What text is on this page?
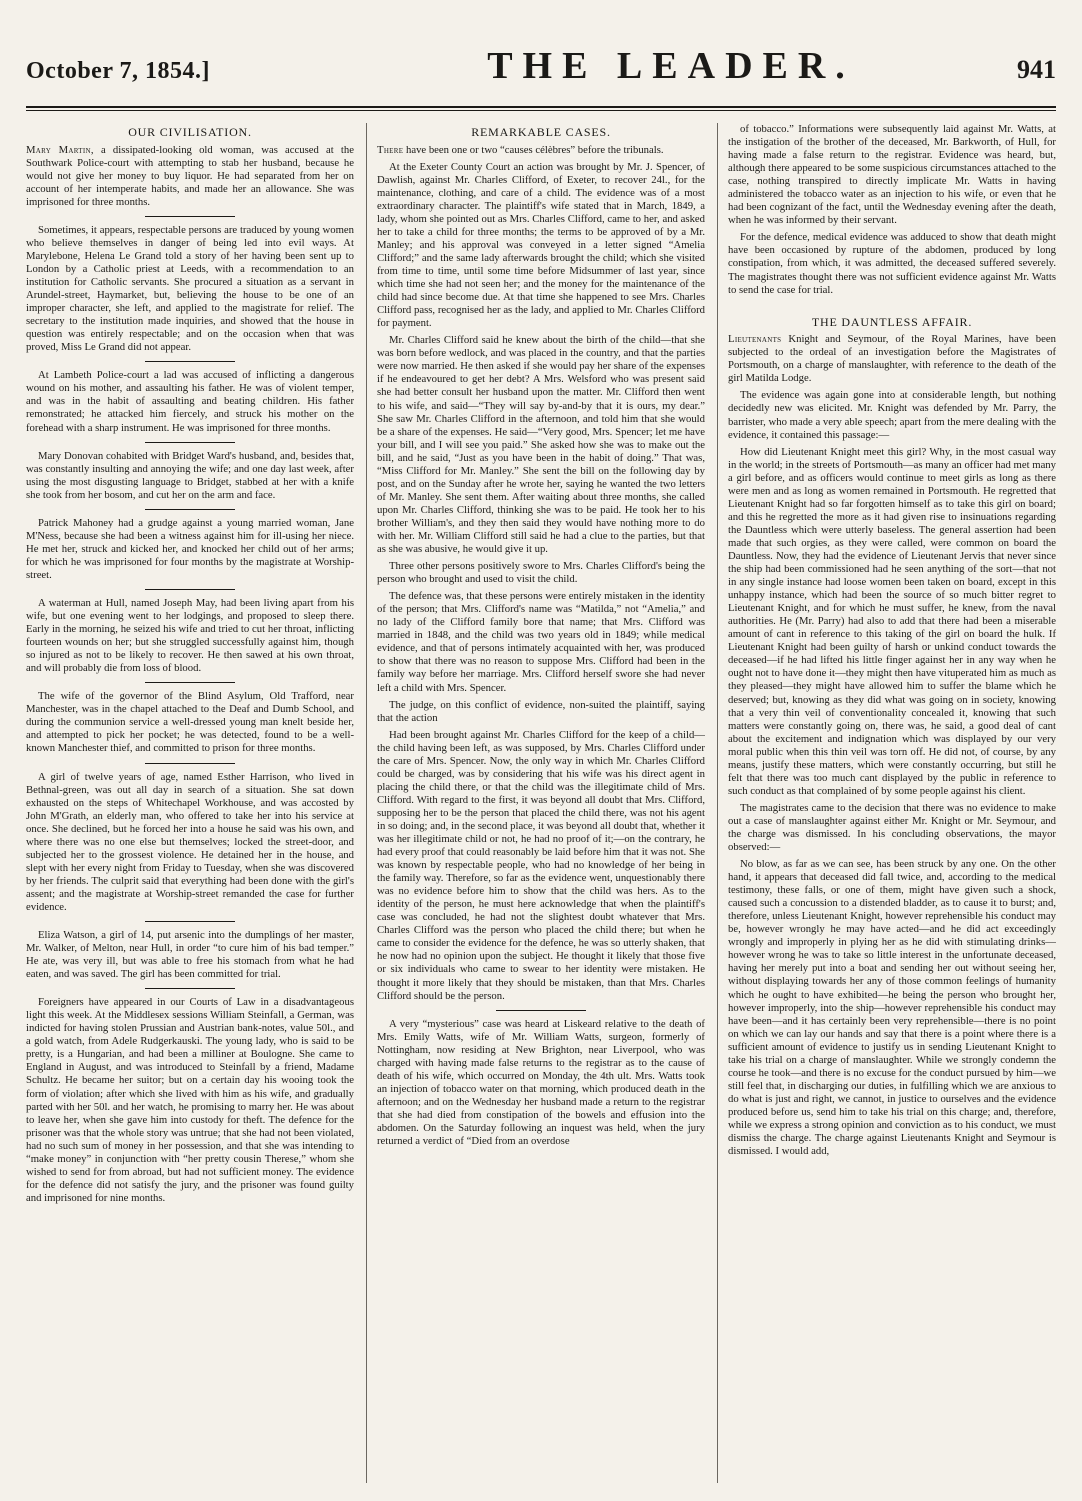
October 7, 1854.]	THE LEADER.	941
OUR CIVILISATION.

Mary Martin, a dissipated-looking old woman, was accused at the Southwark Police-court with attempting to stab her husband, because he would not give her money to buy liquor. He had separated from her on account of her intemperate habits, and made her an allowance. She was imprisoned for three months.

Sometimes, it appears, respectable persons are traduced by young women who believe themselves in danger of being led into evil ways. At Marylebone, Helena Le Grand told a story of her having been sent up to London by a Catholic priest at Leeds, with a recommendation to an institution for Catholic servants. She procured a situation as a servant in Arundel-street, Haymarket, but, believing the house to be one of an improper character, she left, and applied to the magistrate for relief. The secretary to the institution made inquiries, and showed that the house in question was entirely respectable; and on the occasion when that was proved, Miss Le Grand did not appear.

At Lambeth Police-court a lad was accused of inflicting a dangerous wound on his mother, and assaulting his father. He was of violent temper, and was in the habit of assaulting and beating children. His father remonstrated; he attacked him fiercely, and struck his mother on the forehead with a sharp instrument. He was imprisoned for three months.

Mary Donovan cohabited with Bridget Ward's husband, and, besides that, was constantly insulting and annoying the wife; and one day last week, after using the most disgusting language to Bridget, stabbed at her with a knife she took from her bosom, and cut her on the arm and face.

Patrick Mahoney had a grudge against a young married woman, Jane M'Ness, because she had been a witness against him for ill-using her niece. He met her, struck and kicked her, and knocked her child out of her arms; for which he was imprisoned for four months by the magistrate at Worship-street.

A waterman at Hull, named Joseph May, had been living apart from his wife, but one evening went to her lodgings, and proposed to sleep there. Early in the morning, he seized his wife and tried to cut her throat, inflicting fourteen wounds on her; but she struggled successfully against him, though so injured as not to be likely to recover. He then sawed at his own throat, and will probably die from loss of blood.

The wife of the governor of the Blind Asylum, Old Trafford, near Manchester, was in the chapel attached to the Deaf and Dumb School, and during the communion service a well-dressed young man knelt beside her, and attempted to pick her pocket; he was detected, found to be a well-known Manchester thief, and committed to prison for three months.

A girl of twelve years of age, named Esther Harrison, who lived in Bethnal-green, was out all day in search of a situation. She sat down exhausted on the steps of Whitechapel Workhouse, and was accosted by John M'Grath, an elderly man, who offered to take her into his service at once. She declined, but he forced her into a house he said was his own, and where there was no one else but themselves; locked the street-door, and subjected her to the grossest violence. He detained her in the house, and slept with her every night from Friday to Tuesday, when she was discovered by her friends. The culprit said that everything had been done with the girl's assent; and the magistrate at Worship-street remanded the case for further evidence.

Eliza Watson, a girl of 14, put arsenic into the dumplings of her master, Mr. Walker, of Melton, near Hull, in order “to cure him of his bad temper.” He ate, was very ill, but was able to free his stomach from what he had eaten, and was saved. The girl has been committed for trial.

Foreigners have appeared in our Courts of Law in a disadvantageous light this week. At the Middlesex sessions William Steinfall, a German, was indicted for having stolen Prussian and Austrian bank-notes, value 50l., and a gold watch, from Adele Rudgerkauski. The young lady, who is said to be pretty, is a Hungarian, and had been a milliner at Boulogne. She came to England in August, and was introduced to Steinfall by a friend, Madame Schultz. He became her suitor; but on a certain day his wooing took the form of violation; after which she lived with him as his wife, and gradually parted with her 50l. and her watch, he promising to marry her. He was about to leave her, when she gave him into custody for theft. The defence for the prisoner was that the whole story was untrue; that she had not been violated, had no such sum of money in her possession, and that she was intending to “make money” in conjunction with “her pretty cousin Therese,” whom she wished to send for from abroad, but had not sufficient money. The evidence for the defence did not satisfy the jury, and the prisoner was found guilty and imprisoned for nine months.

REMARKABLE CASES.

There have been one or two “causes célèbres” before the tribunals.

At the Exeter County Court an action was brought by Mr. J. Spencer, of Dawlish, against Mr. Charles Clifford, of Exeter, to recover 24l., for the maintenance, clothing, and care of a child. The evidence was of a most extraordinary character. The plaintiff's wife stated that in March, 1849, a lady, whom she pointed out as Mrs. Charles Clifford, came to her, and asked her to take a child for three months; the terms to be approved of by a Mr. Manley; and his approval was conveyed in a letter signed “Amelia Clifford;” and the same lady afterwards brought the child; which she visited from time to time, until some time before Midsummer of last year, since which time she had not seen her; and the money for the maintenance of the child had since become due. At that time she happened to see Mrs. Charles Clifford pass, recognised her as the lady, and applied to Mr. Charles Clifford for payment.

Mr. Charles Clifford said he knew about the birth of the child—that she was born before wedlock, and was placed in the country, and that the parties were now married. He then asked if she would pay her share of the expenses if he endeavoured to get her debt? A Mrs. Welsford who was present said she had better consult her husband upon the matter. Mr. Clifford then went to his wife, and said—“They will say by-and-by that it is ours, my dear.” She saw Mr. Charles Clifford in the afternoon, and told him that she would be a share of the expenses. He said—“Very good, Mrs. Spencer; let me have your bill, and I will see you paid.” She asked how she was to make out the bill, and he said, “Just as you have been in the habit of doing.” That was, “Miss Clifford for Mr. Manley.” She sent the bill on the following day by post, and on the Sunday after he wrote her, saying he wanted the two letters of Mr. Manley. She sent them. After waiting about three months, she called upon Mr. Charles Clifford, thinking she was to be paid. He took her to his brother William's, and they then said they would have nothing more to do with her. Mr. William Clifford still said he had a clue to the parties, but that as she was abusive, he would give it up.

Three other persons positively swore to Mrs. Charles Clifford's being the person who brought and used to visit the child.

The defence was, that these persons were entirely mistaken in the identity of the person; that Mrs. Clifford's name was “Matilda,” not “Amelia,” and no lady of the Clifford family bore that name; that Mrs. Clifford was married in 1848, and the child was two years old in 1849; while medical evidence, and that of persons intimately acquainted with her, was produced to show that there was no reason to suppose Mrs. Clifford had been in the family way before her marriage. Mrs. Clifford herself swore she had never left a child with Mrs. Spencer.

The judge, on this conflict of evidence, non-suited the plaintiff, saying that the action

Had been brought against Mr. Charles Clifford for the keep of a child—the child having been left, as was supposed, by Mrs. Charles Clifford under the care of Mrs. Spencer. Now, the only way in which Mr. Charles Clifford could be charged, was by considering that his wife was his direct agent in placing the child there, or that the child was the illegitimate child of Mrs. Clifford. With regard to the first, it was beyond all doubt that Mrs. Clifford, supposing her to be the person that placed the child there, was not his agent in so doing; and, in the second place, it was beyond all doubt that, whether it was her illegitimate child or not, he had no proof of it;—on the contrary, he had every proof that could reasonably be laid before him that it was not. She was known by respectable people, who had no knowledge of her being in the family way. Therefore, so far as the evidence went, unquestionably there was no evidence before him to show that the child was hers. As to the identity of the person, he must here acknowledge that when the plaintiff's case was concluded, he had not the slightest doubt whatever that Mrs. Charles Clifford was the person who placed the child there; but when he came to consider the evidence for the defence, he was so utterly shaken, that he now had no opinion upon the subject. He thought it likely that those five or six individuals who came to swear to her identity were mistaken. He thought it more likely that they should be mistaken, than that Mrs. Charles Clifford should be the person.

A very “mysterious” case was heard at Liskeard relative to the death of Mrs. Emily Watts, wife of Mr. William Watts, surgeon, formerly of Nottingham, now residing at New Brighton, near Liverpool, who was charged with having made false returns to the registrar as to the cause of death of his wife, which occurred on Monday, the 4th ult. Mrs. Watts took an injection of tobacco water on that morning, which produced death in the afternoon; and on the Wednesday her husband made a return to the registrar that she had died from constipation of the bowels and effusion into the abdomen. On the Saturday following an inquest was held, when the jury returned a verdict of “Died from an overdose

of tobacco.” Informations were subsequently laid against Mr. Watts, at the instigation of the brother of the deceased, Mr. Barkworth, of Hull, for having made a false return to the registrar. Evidence was heard, but, although there appeared to be some suspicious circumstances attached to the case, nothing transpired to directly implicate Mr. Watts in having administered the tobacco water as an injection to his wife, or even that he had been cognizant of the fact, until the Wednesday evening after the death, when he was informed by their servant.

For the defence, medical evidence was adduced to show that death might have been occasioned by rupture of the abdomen, produced by long constipation, from which, it was admitted, the deceased suffered severely. The magistrates thought there was not sufficient evidence against Mr. Watts to send the case for trial.

THE DAUNTLESS AFFAIR.

Lieutenants Knight and Seymour, of the Royal Marines, have been subjected to the ordeal of an investigation before the Magistrates of Portsmouth, on a charge of manslaughter, with reference to the death of the girl Matilda Lodge.

The evidence was again gone into at considerable length, but nothing decidedly new was elicited. Mr. Knight was defended by Mr. Parry, the barrister, who made a very able speech; apart from the mere dealing with the evidence, it contained this passage:—

How did Lieutenant Knight meet this girl? Why, in the most casual way in the world; in the streets of Portsmouth—as many an officer had met many a girl before, and as officers would continue to meet girls as long as there were men and as long as women remained in Portsmouth. He regretted that Lieutenant Knight had so far forgotten himself as to take this girl on board; and this he regretted the more as it had given rise to insinuations regarding the Dauntless which were utterly baseless. The general assertion had been made that such orgies, as they were called, were common on board the Dauntless. Now, they had the evidence of Lieutenant Jervis that never since the ship had been commissioned had he seen anything of the sort—that not in any single instance had loose women been taken on board, except in this unhappy instance, which had been the source of so much bitter regret to Lieutenant Knight, and for which he must suffer, he knew, from the naval authorities. He (Mr. Parry) had also to add that there had been a miserable amount of cant in reference to this taking of the girl on board the hulk. If Lieutenant Knight had been guilty of harsh or unkind conduct towards the deceased—if he had lifted his little finger against her in any way when he ought not to have done it—they might then have vituperated him as much as they pleased—they might have allowed him to suffer the blame which he deserved; but, knowing as they did what was going on in society, knowing that a very thin veil of conventionality concealed it, knowing that such matters were constantly going on, there was, he said, a good deal of cant about the excitement and indignation which was displayed by our very moral public when this thin veil was torn off. He did not, of course, by any means, justify these matters, which were constantly occurring, but still he felt that there was too much cant displayed by the public in reference to such conduct as that complained of by some people against his client.

The magistrates came to the decision that there was no evidence to make out a case of manslaughter against either Mr. Knight or Mr. Seymour, and the charge was dismissed. In his concluding observations, the mayor observed:—

No blow, as far as we can see, has been struck by any one. On the other hand, it appears that deceased did fall twice, and, according to the medical testimony, these falls, or one of them, might have given such a shock, caused such a concussion to a distended bladder, as to cause it to burst; and, therefore, unless Lieutenant Knight, however reprehensible his conduct may be, however wrongly he may have acted—and he did act exceedingly wrongly and improperly in plying her as he did with stimulating drinks—however wrong he was to take so little interest in the unfortunate deceased, having her merely put into a boat and sending her out without seeing her, without displaying towards her any of those common feelings of humanity which he ought to have exhibited—he being the person who brought her, however improperly, into the ship—however reprehensible his conduct may have been—and it has certainly been very reprehensible—there is no point on which we can lay our hands and say that there is a point where there is a sufficient amount of evidence to justify us in sending Lieutenant Knight to take his trial on a charge of manslaughter. While we strongly condemn the course he took—and there is no excuse for the conduct pursued by him—we still feel that, in discharging our duties, in fulfilling which we are anxious to do what is just and right, we cannot, in justice to ourselves and the evidence produced before us, send him to take his trial on this charge; and, therefore, while we express a strong opinion and conviction as to his conduct, we must dismiss the charge. The charge against Lieutenants Knight and Seymour is dismissed. I would add,
